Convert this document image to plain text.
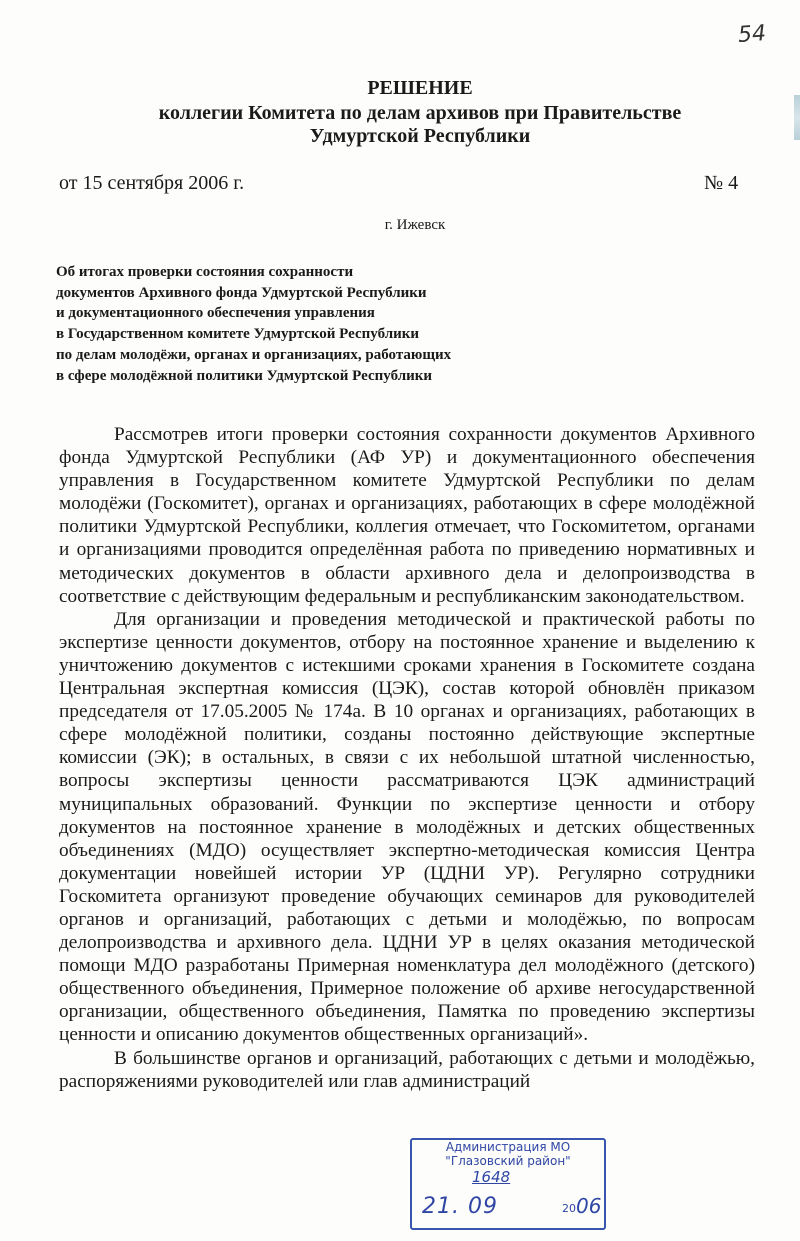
54
РЕШЕНИЕ
коллегии Комитета по делам архивов при Правительстве
Удмуртской Республики
от 15 сентября 2006 г.	№ 4
г. Ижевск
Об итогах проверки состояния сохранности
документов Архивного фонда Удмуртской Республики
и документационного обеспечения управления
в Государственном комитете Удмуртской Республики
по делам молодёжи, органах и организациях, работающих
в сфере молодёжной политики Удмуртской Республики

Рассмотрев итоги проверки состояния сохранности документов Архивного фонда Удмуртской Республики (АФ УР) и документационного обеспечения управления в Государственном комитете Удмуртской Республики по делам молодёжи (Госкомитет), органах и организациях, работающих в сфере молодёжной политики Удмуртской Республики, коллегия отмечает, что Госкомитетом, органами и организациями проводится определённая работа по приведению нормативных и методических документов в области архивного дела и делопроизводства в соответствие с действующим федеральным и республиканским законодательством.

Для организации и проведения методической и практической работы по экспертизе ценности документов, отбору на постоянное хранение и выделению к уничтожению документов с истекшими сроками хранения в Госкомитете создана Центральная экспертная комиссия (ЦЭК), состав которой обновлён приказом председателя от 17.05.2005 № 174а. В 10 органах и организациях, работающих в сфере молодёжной политики, созданы постоянно действующие экспертные комиссии (ЭК); в остальных, в связи с их небольшой штатной численностью, вопросы экспертизы ценности рассматриваются ЦЭК администраций муниципальных образований. Функции по экспертизе ценности и отбору документов на постоянное хранение в молодёжных и детских общественных объединениях (МДО) осуществляет экспертно-методическая комиссия Центра документации новейшей истории УР (ЦДНИ УР). Регулярно сотрудники Госкомитета организуют проведение обучающих семинаров для руководителей органов и организаций, работающих с детьми и молодёжью, по вопросам делопроизводства и архивного дела. ЦДНИ УР в целях оказания методической помощи МДО разработаны Примерная номенклатура дел молодёжного (детского) общественного объединения, Примерное положение об архиве негосударственной организации, общественного объединения, Памятка по проведению экспертизы ценности и описанию документов общественных организаций».

В большинстве органов и организаций, работающих с детьми и молодёжью, распоряжениями руководителей или глав администраций

Администрация МО
"Глазовский район"
1648
21. 09	20 06
